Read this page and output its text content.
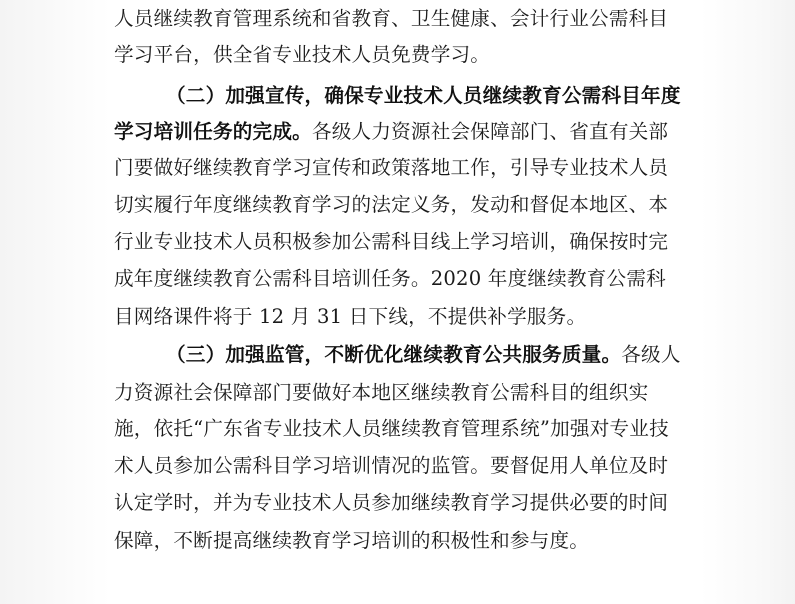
人员继续教育管理系统和省教育、卫生健康、会计行业公需科目
学习平台，供全省专业技术人员免费学习。
（二）加强宣传，确保专业技术人员继续教育公需科目年度
学习培训任务的完成。各级人力资源社会保障部门、省直有关部
门要做好继续教育学习宣传和政策落地工作，引导专业技术人员
切实履行年度继续教育学习的法定义务，发动和督促本地区、本
行业专业技术人员积极参加公需科目线上学习培训，确保按时完
成年度继续教育公需科目培训任务。2020 年度继续教育公需科
目网络课件将于 12 月 31 日下线，不提供补学服务。
（三）加强监管，不断优化继续教育公共服务质量。各级人
力资源社会保障部门要做好本地区继续教育公需科目的组织实
施，依托“广东省专业技术人员继续教育管理系统”加强对专业技
术人员参加公需科目学习培训情况的监管。要督促用人单位及时
认定学时，并为专业技术人员参加继续教育学习提供必要的时间
保障，不断提高继续教育学习培训的积极性和参与度。
